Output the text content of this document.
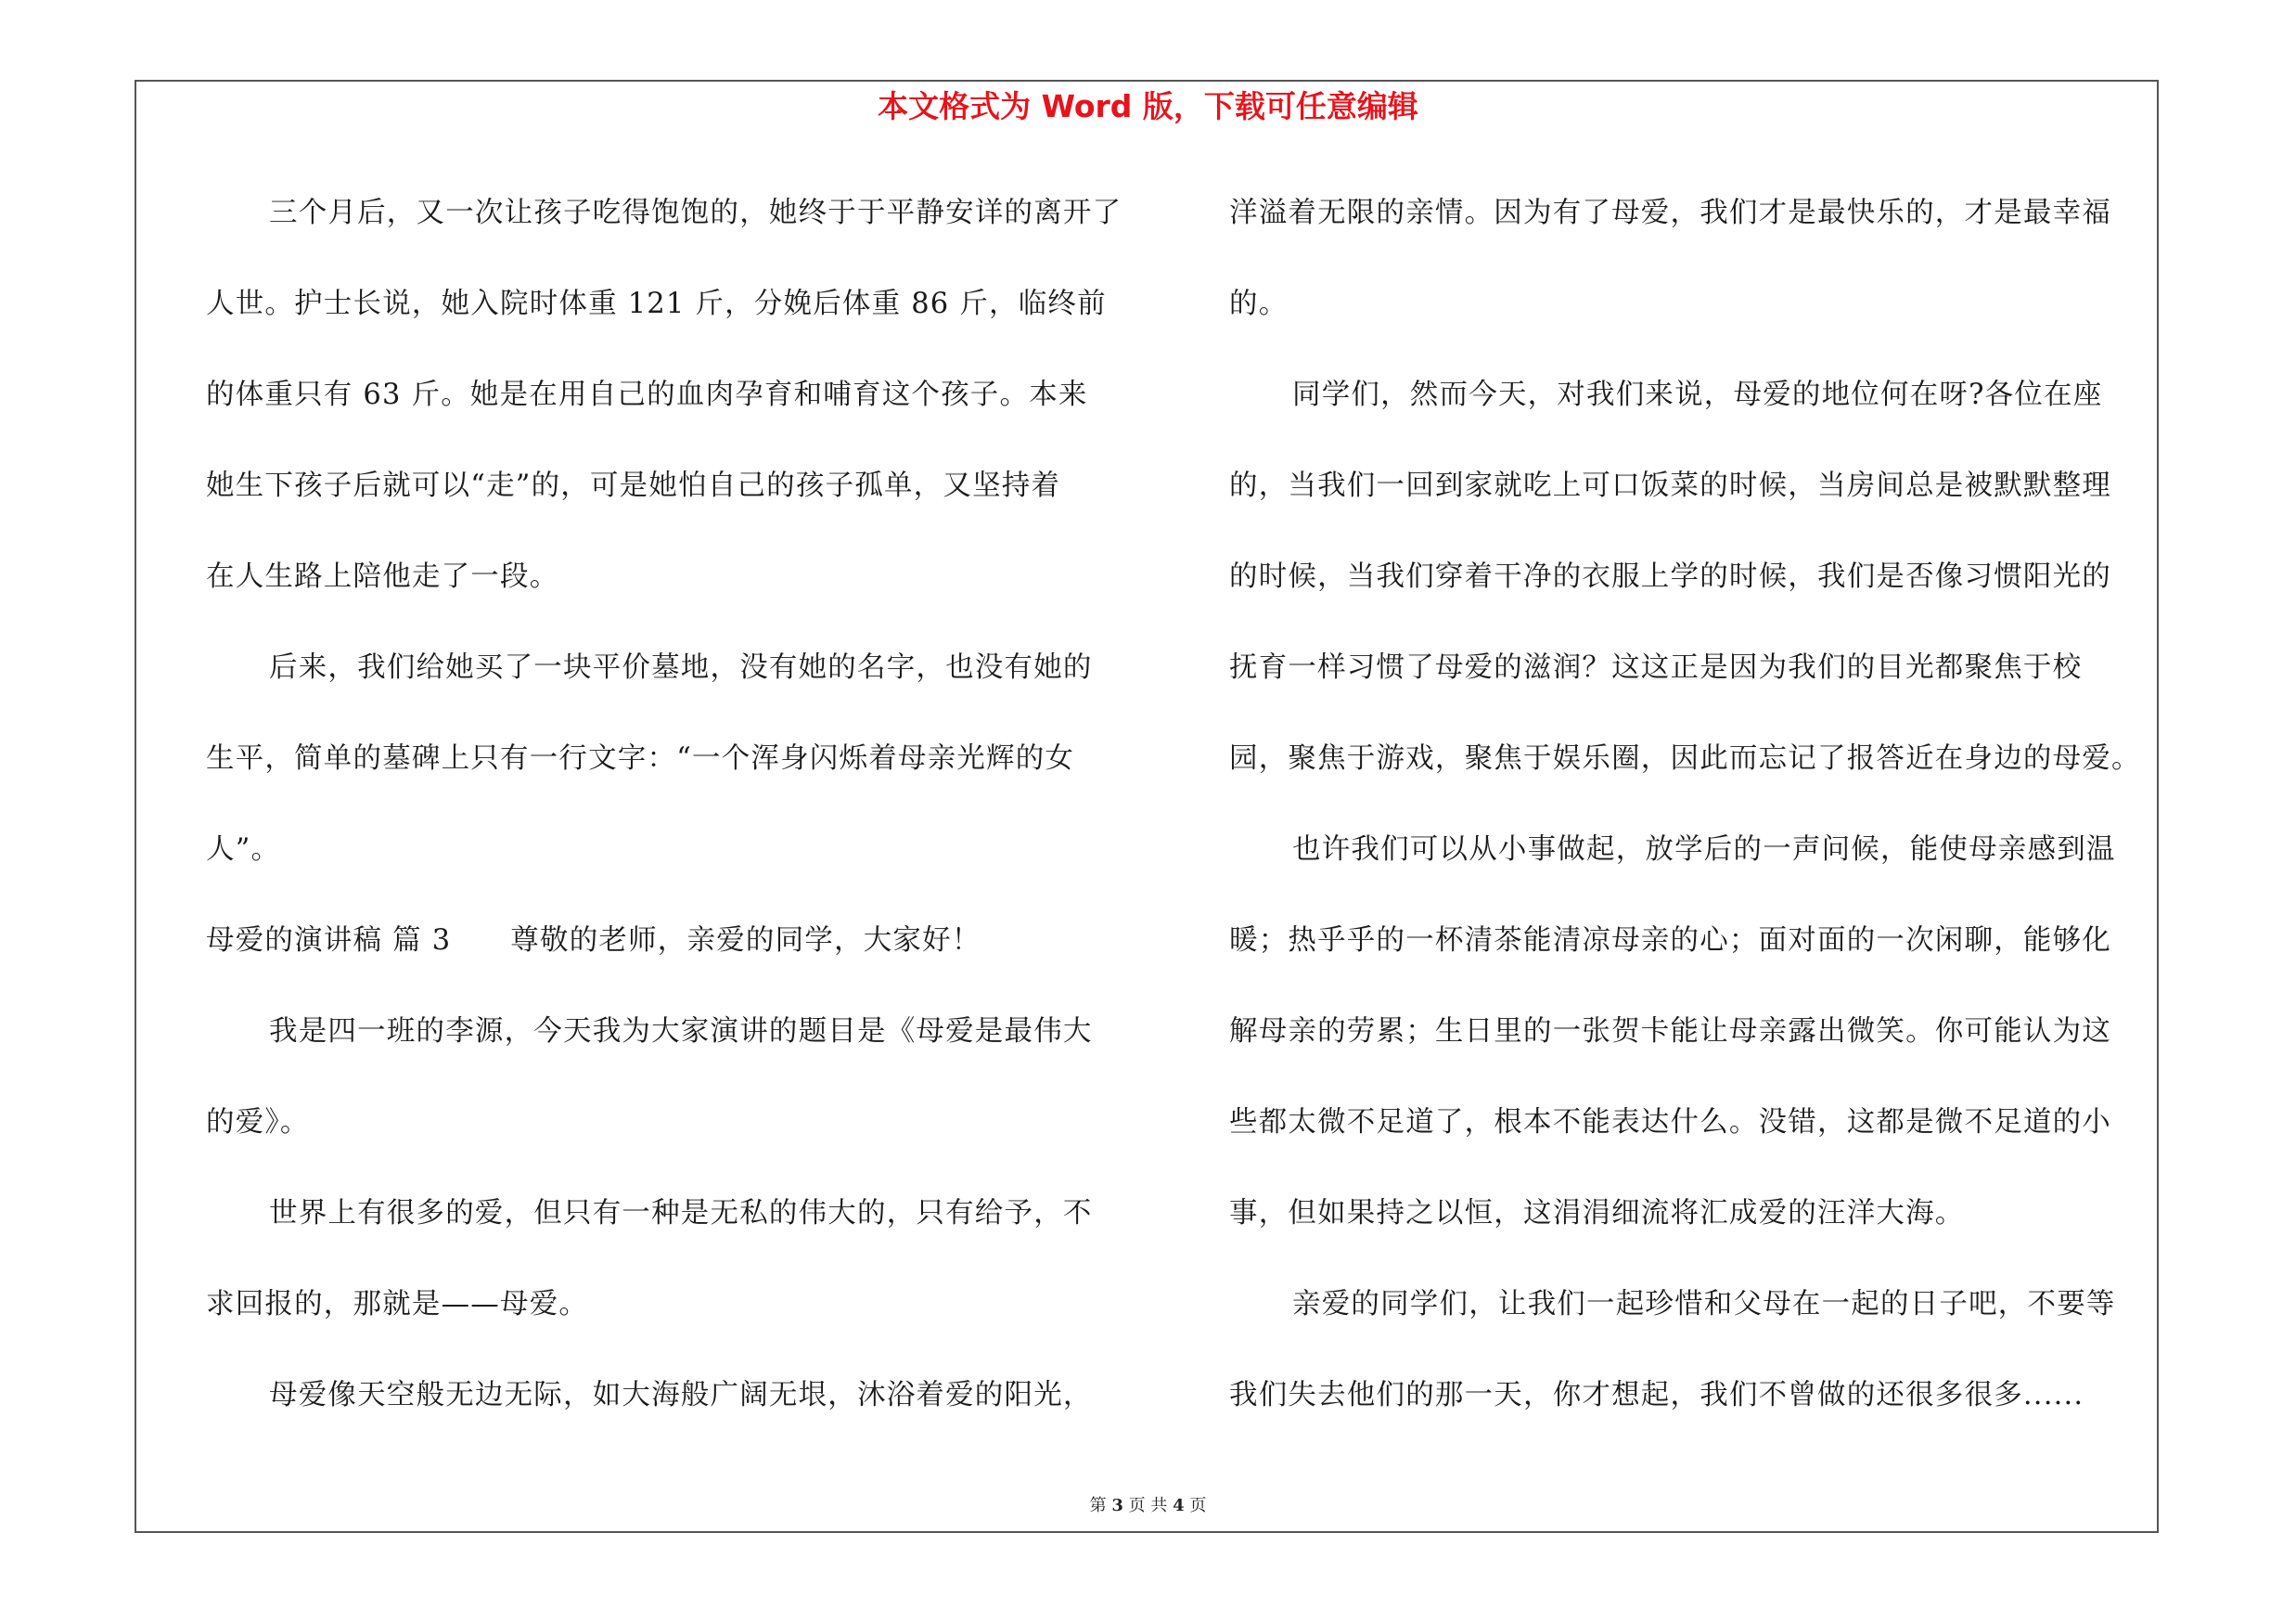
本文格式为 Word 版，下载可任意编辑
三个月后，又一次让孩子吃得饱饱的，她终于于平静安详的离开了
人世。护士长说，她入院时体重 121 斤，分娩后体重 86 斤，临终前
的体重只有 63 斤。她是在用自己的血肉孕育和哺育这个孩子。本来
她生下孩子后就可以“走”的，可是她怕自己的孩子孤单，又坚持着
在人生路上陪他走了一段。
后来，我们给她买了一块平价墓地，没有她的名字，也没有她的
生平，简单的墓碑上只有一行文字：“一个浑身闪烁着母亲光辉的女
人”。
母爱的演讲稿 篇 3 尊敬的老师，亲爱的同学，大家好！
我是四一班的李源，今天我为大家演讲的题目是《母爱是最伟大
的爱》。
世界上有很多的爱，但只有一种是无私的伟大的，只有给予，不
求回报的，那就是——母爱。
母爱像天空般无边无际，如大海般广阔无垠，沐浴着爱的阳光，
洋溢着无限的亲情。因为有了母爱，我们才是最快乐的，才是最幸福
的。
同学们，然而今天，对我们来说，母爱的地位何在呀?各位在座
的，当我们一回到家就吃上可口饭菜的时候，当房间总是被默默整理
的时候，当我们穿着干净的衣服上学的时候，我们是否像习惯阳光的
抚育一样习惯了母爱的滋润？这这正是因为我们的目光都聚焦于校
园，聚焦于游戏，聚焦于娱乐圈，因此而忘记了报答近在身边的母爱。
也许我们可以从小事做起，放学后的一声问候，能使母亲感到温
暖；热乎乎的一杯清茶能清凉母亲的心；面对面的一次闲聊，能够化
解母亲的劳累；生日里的一张贺卡能让母亲露出微笑。你可能认为这
些都太微不足道了，根本不能表达什么。没错，这都是微不足道的小
事，但如果持之以恒，这涓涓细流将汇成爱的汪洋大海。
亲爱的同学们，让我们一起珍惜和父母在一起的日子吧，不要等
我们失去他们的那一天，你才想起，我们不曾做的还很多很多......
第 3 页 共 4 页
